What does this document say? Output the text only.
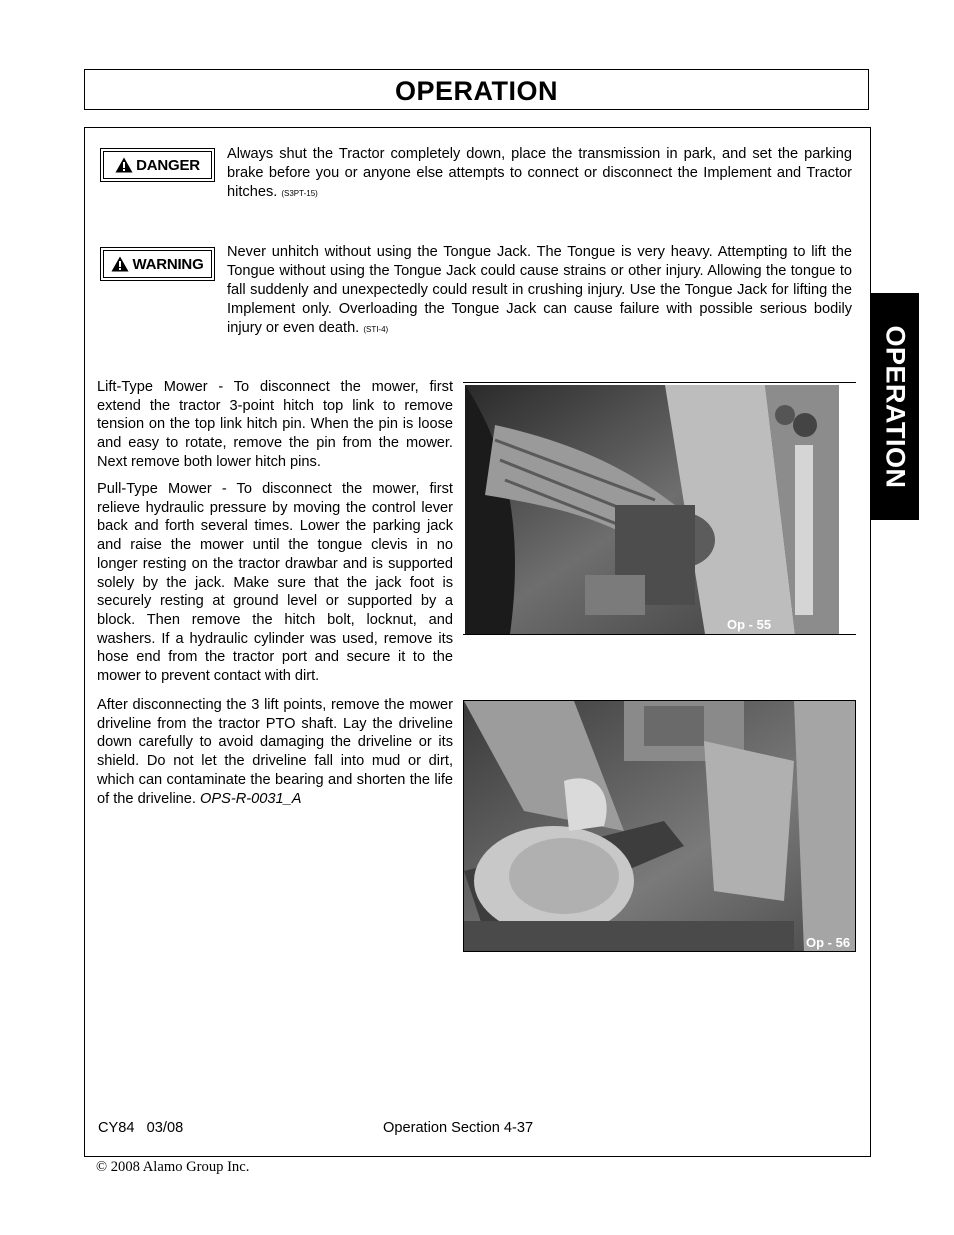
OPERATION
OPERATION
DANGER
Always shut the Tractor completely down, place the transmission in park, and set the parking brake before you or anyone else attempts to connect or disconnect the Implement and Tractor hitches. (S3PT-15)
WARNING
Never unhitch without using the Tongue Jack. The Tongue is very heavy. Attempting to lift the Tongue without using the Tongue Jack could cause strains or other injury. Allowing the tongue to fall suddenly and unexpectedly could result in crushing injury. Use the Tongue Jack for lifting the Implement only. Overloading the Tongue Jack can cause failure with possible serious bodily injury or even death. (STI-4)
Lift-Type Mower - To disconnect the mower, first extend the tractor 3-point hitch top link to remove tension on the top link hitch pin. When the pin is loose and easy to rotate, remove the pin from the mower. Next remove both lower hitch pins.
Pull-Type Mower - To disconnect the mower, first relieve hydraulic pressure by moving the control lever back and forth several times. Lower the parking jack and raise the mower until the tongue clevis in no longer resting on the tractor drawbar and is supported solely by the jack. Make sure that the jack foot is securely resting at ground level or supported by a block. Then remove the hitch bolt, locknut, and washers. If a hydraulic cylinder was used, remove its hose end from the tractor port and secure it to the mower to prevent contact with dirt.
After disconnecting the 3 lift points, remove the mower driveline from the tractor PTO shaft. Lay the driveline down carefully to avoid damaging the driveline or its shield. Do not let the driveline fall into mud or dirt, which can contaminate the bearing and shorten the life of the driveline. OPS-R-0031_A
Op - 55
Op - 56
CY84   03/08	Operation Section 4-37
© 2008 Alamo Group Inc.
